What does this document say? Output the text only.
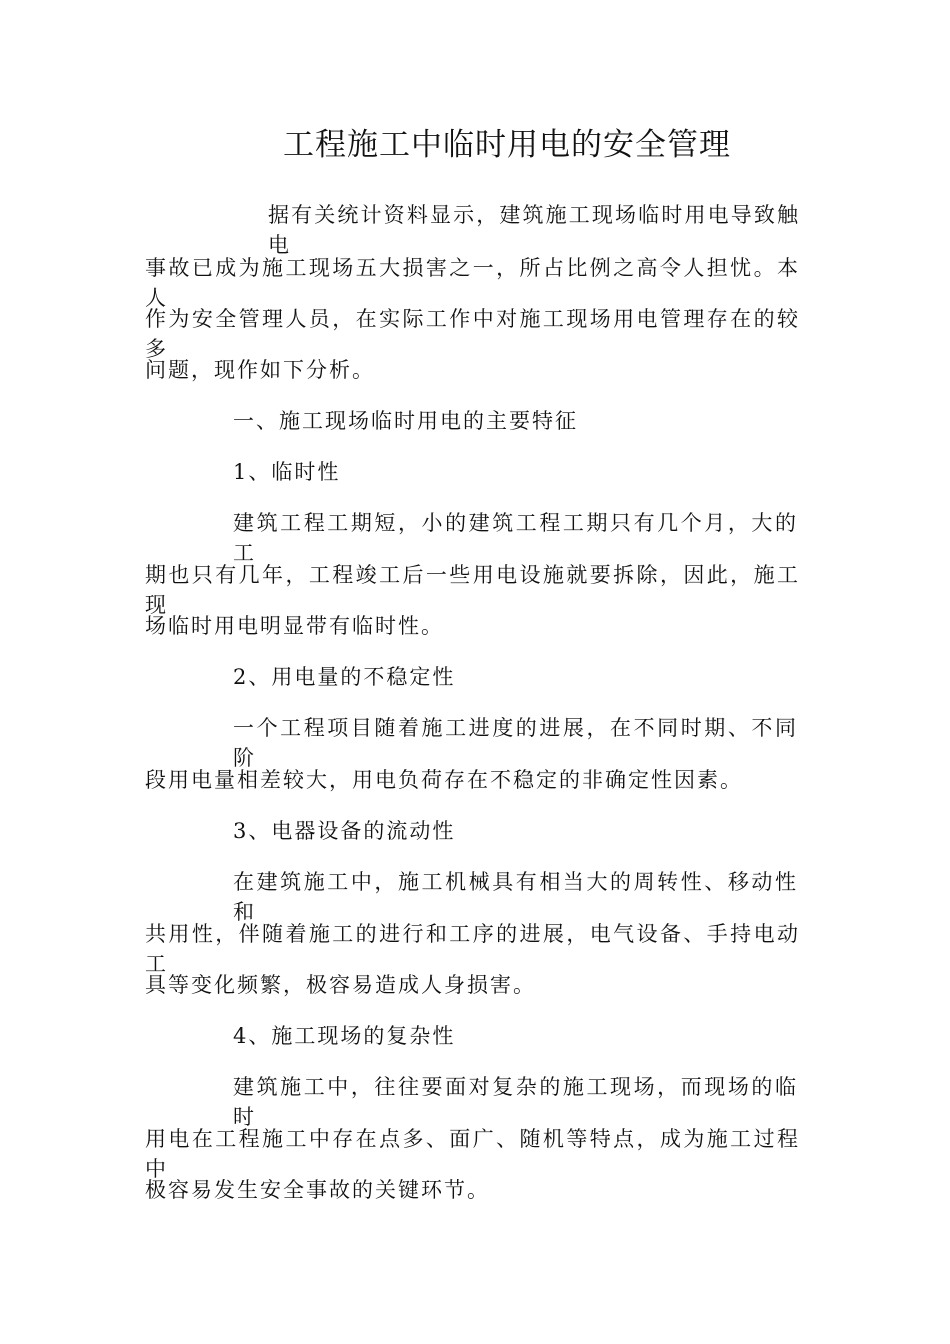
工程施工中临时用电的安全管理
据有关统计资料显示，建筑施工现场临时用电导致触电
事故已成为施工现场五大损害之一，所占比例之高令人担忧。本人
作为安全管理人员，在实际工作中对施工现场用电管理存在的较多
问题，现作如下分析。
一、施工现场临时用电的主要特征
1、临时性
建筑工程工期短，小的建筑工程工期只有几个月，大的工
期也只有几年，工程竣工后一些用电设施就要拆除，因此，施工现
场临时用电明显带有临时性。
2、用电量的不稳定性
一个工程项目随着施工进度的进展，在不同时期、不同阶
段用电量相差较大，用电负荷存在不稳定的非确定性因素。
3、电器设备的流动性
在建筑施工中，施工机械具有相当大的周转性、移动性和
共用性，伴随着施工的进行和工序的进展，电气设备、手持电动工
具等变化频繁，极容易造成人身损害。
4、施工现场的复杂性
建筑施工中，往往要面对复杂的施工现场，而现场的临时
用电在工程施工中存在点多、面广、随机等特点，成为施工过程中
极容易发生安全事故的关键环节。
